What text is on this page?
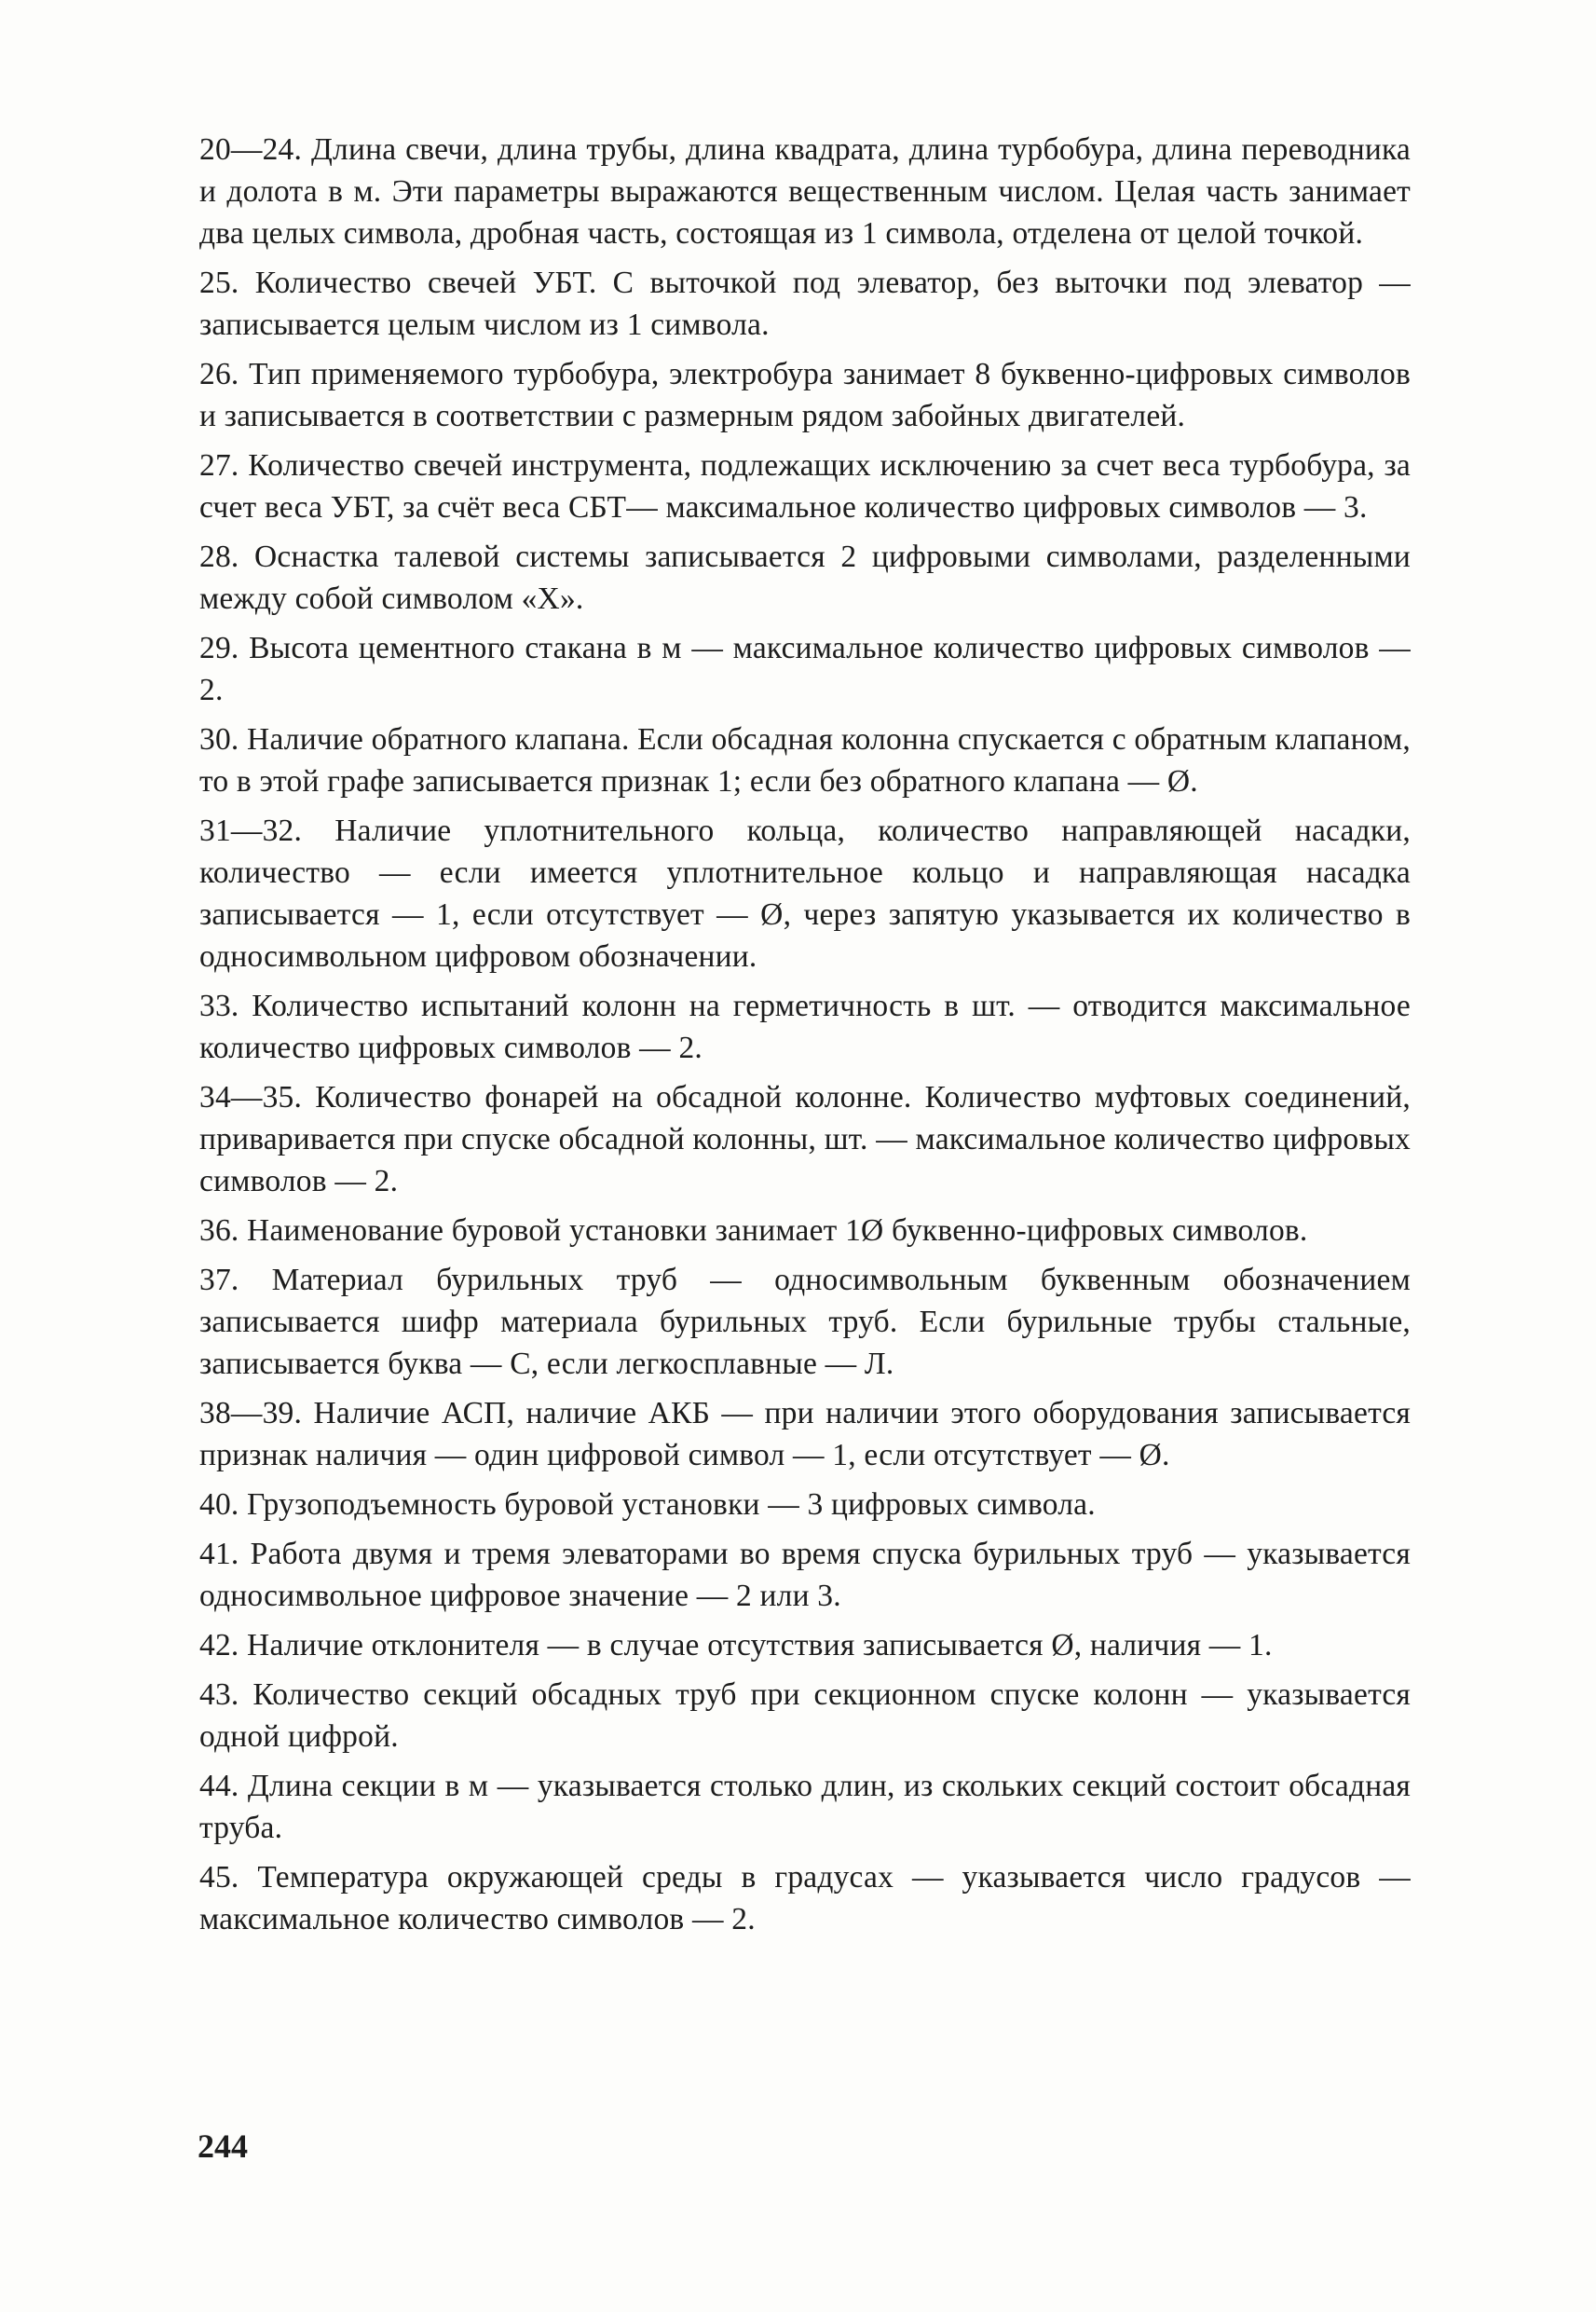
20—24. Длина свечи, длина трубы, длина квадрата, длина турбобура, длина переводника и долота в м. Эти параметры выражаются вещественным числом. Целая часть занимает два целых символа, дробная часть, состоящая из 1 символа, отделена от целой точкой.

25. Количество свечей УБТ. С выточкой под элеватор, без выточки под элеватор — записывается целым числом из 1 символа.

26. Тип применяемого турбобура, электробура занимает 8 буквенно-цифровых символов и записывается в соответствии с размерным рядом забойных двигателей.

27. Количество свечей инструмента, подлежащих исключению за счет веса турбобура, за счет веса УБТ, за счёт веса СБТ— максимальное количество цифровых символов — 3.

28. Оснастка талевой системы записывается 2 цифровыми символами, разделенными между собой символом «Х».

29. Высота цементного стакана в м — максимальное количество цифровых символов — 2.

30. Наличие обратного клапана. Если обсадная колонна спускается с обратным клапаном, то в этой графе записывается признак 1; если без обратного клапана — Ø.

31—32. Наличие уплотнительного кольца, количество направляющей насадки, количество — если имеется уплотнительное кольцо и направляющая насадка записывается — 1, если отсутствует — Ø, через запятую указывается их количество в односимвольном цифровом обозначении.

33. Количество испытаний колонн на герметичность в шт. — отводится максимальное количество цифровых символов — 2.

34—35. Количество фонарей на обсадной колонне. Количество муфтовых соединений, приваривается при спуске обсадной колонны, шт. — максимальное количество цифровых символов — 2.

36. Наименование буровой установки занимает 1Ø буквенно-цифровых символов.

37. Материал бурильных труб — односимвольным буквенным обозначением записывается шифр материала бурильных труб. Если бурильные трубы стальные, записывается буква — С, если легкосплавные — Л.

38—39. Наличие АСП, наличие АКБ — при наличии этого оборудования записывается признак наличия — один цифровой символ — 1, если отсутствует — Ø.

40. Грузоподъемность буровой установки — 3 цифровых символа.

41. Работа двумя и тремя элеваторами во время спуска бурильных труб — указывается односимвольное цифровое значение — 2 или 3.

42. Наличие отклонителя — в случае отсутствия записывается Ø, наличия — 1.

43. Количество секций обсадных труб при секционном спуске колонн — указывается одной цифрой.

44. Длина секции в м — указывается столько длин, из скольких секций состоит обсадная труба.

45. Температура окружающей среды в градусах — указывается число градусов — максимальное количество символов — 2.

244
